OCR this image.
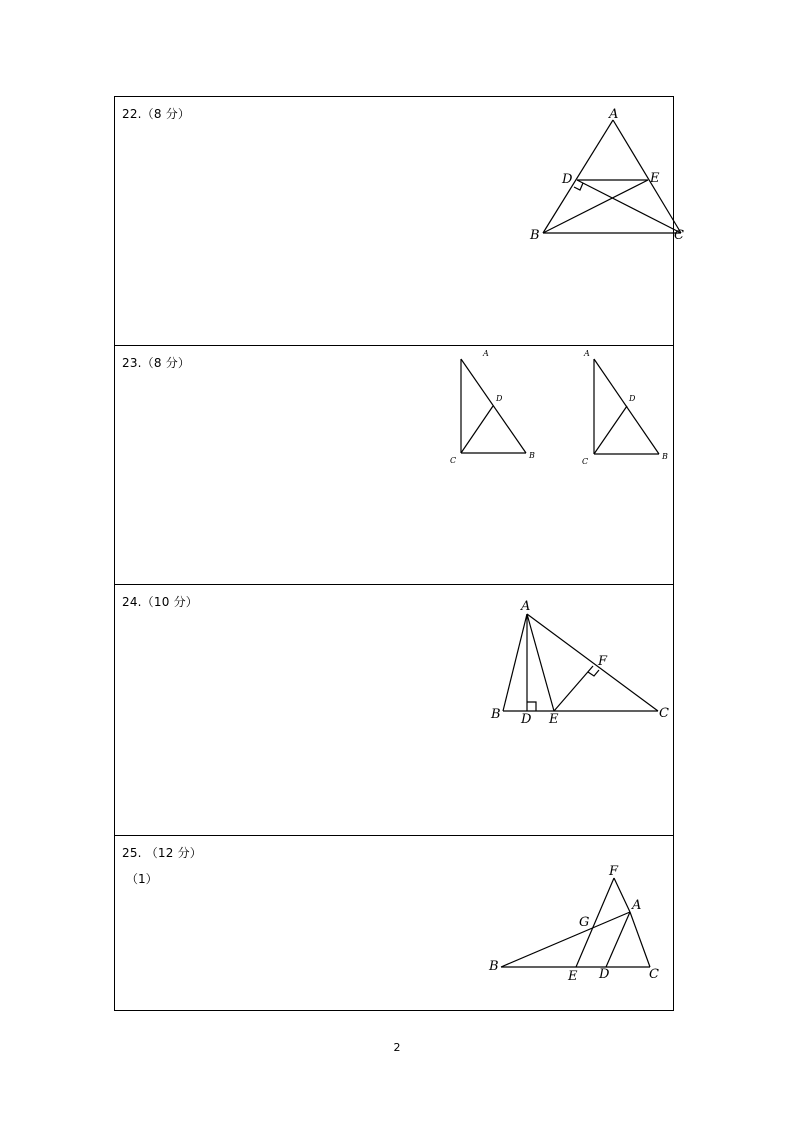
22.（8 分）	A
D	E
B	C
23.（8 分）
A
D
C
B
A
D
C
B
24.（10 分）	A
F
B D E	C
25. （12 分）
（1）	F
A
G
B
E D	C
2
